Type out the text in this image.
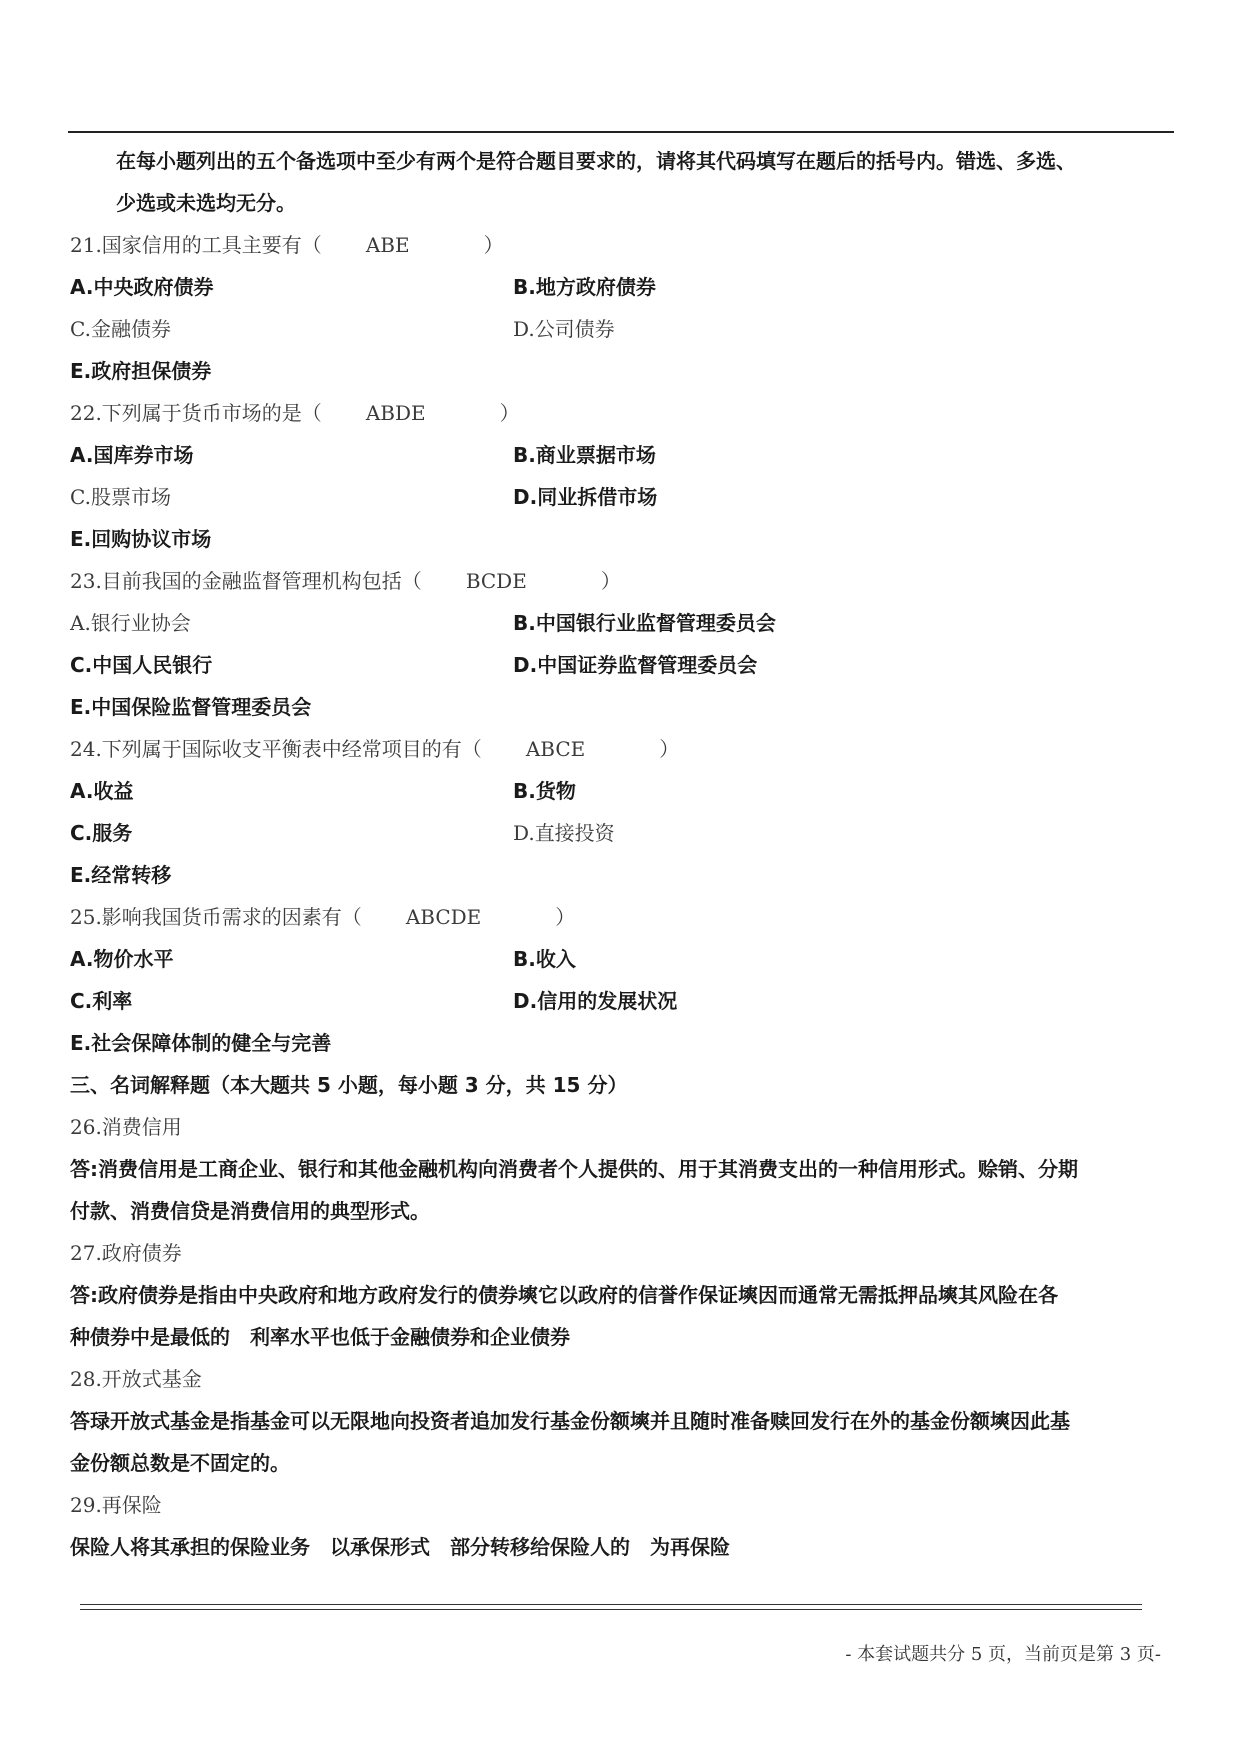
在每小题列出的五个备选项中至少有两个是符合题目要求的，请将其代码填写在题后的括号内。错选、多选、
少选或未选均无分。
21.国家信用的工具主要有（ ABE	）
A.中央政府债券	B.地方政府债券
C.金融债券	D.公司债券
E.政府担保债券
22.下列属于货币市场的是（ ABDE	）
A.国库券市场	B.商业票据市场
C.股票市场	D.同业拆借市场
E.回购协议市场
23.目前我国的金融监督管理机构包括（ BCDE	）
A.银行业协会	B.中国银行业监督管理委员会
C.中国人民银行	D.中国证券监督管理委员会
E.中国保险监督管理委员会
24.下列属于国际收支平衡表中经常项目的有（ ABCE	）
A.收益	B.货物
C.服务	D.直接投资
E.经常转移
25.影响我国货币需求的因素有（ ABCDE	）
A.物价水平	B.收入
C.利率	D.信用的发展状况
E.社会保障体制的健全与完善
三、名词解释题（本大题共 5 小题，每小题 3 分，共 15 分）
26.消费信用
答:消费信用是工商企业、银行和其他金融机构向消费者个人提供的、用于其消费支出的一种信用形式。赊销、分期
付款、消费信贷是消费信用的典型形式。
27.政府债券
答:政府债券是指由中央政府和地方政府发行的债券塽它以政府的信誉作保证塽因而通常无需抵押品塽其风险在各
种债券中是最低的　利率水平也低于金融债券和企业债券
28.开放式基金
答琭开放式基金是指基金可以无限地向投资者追加发行基金份额塽并且随时准备赎回发行在外的基金份额塽因此基
金份额总数是不固定的。
29.再保险
保险人将其承担的保险业务　以承保形式　部分转移给保险人的　为再保险
- 本套试题共分 5 页，当前页是第 3 页-
